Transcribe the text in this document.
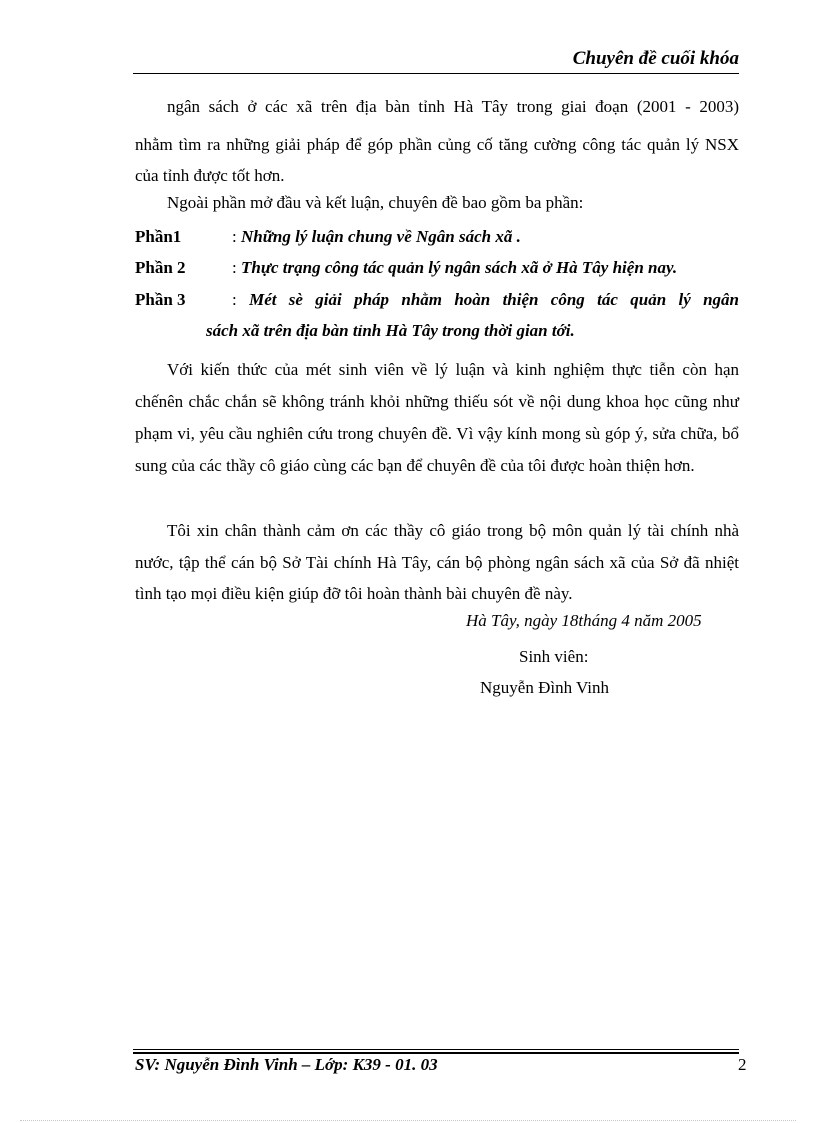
Chuyên đề cuối khóa
ngân sách ở các xã trên địa bàn tỉnh Hà Tây trong giai đoạn (2001 - 2003)
nhằm tìm ra những giải pháp để góp phần củng cố tăng cường công tác quản lý NSX của tỉnh được tốt hơn.
Ngoài phần mở đầu và kết luận, chuyên đề bao gồm ba phần:
Phần1	: Những lý luận chung về Ngân sách xã .
Phần 2	: Thực trạng công tác quản lý ngân sách xã ở Hà Tây hiện nay.
Phần 3	: Mét sè giải pháp nhằm hoàn thiện công tác quản lý ngân
sách xã trên địa bàn tỉnh Hà Tây trong thời gian tới.
Với kiến thức của mét sinh viên về lý luận và kinh nghiệm thực tiễn còn hạn chếnên chắc chắn sẽ không tránh khỏi những thiếu sót về nội dung khoa học cũng như phạm vi, yêu cầu nghiên cứu trong chuyên đề. Vì vậy kính mong sù góp ý, sửa chữa, bổ sung của các thầy cô giáo cùng các bạn để chuyên đề của tôi được hoàn thiện hơn.
Tôi xin chân thành cảm ơn các thầy cô giáo trong bộ môn quản lý tài chính nhà nước, tập thể cán bộ Sở Tài chính Hà Tây, cán bộ phòng ngân sách xã của Sở đã nhiệt tình tạo mọi điều kiện giúp đỡ tôi hoàn thành bài chuyên đề này.
Hà Tây, ngày 18tháng 4 năm 2005
Sinh viên:
Nguyễn Đình Vinh
SV: Nguyễn Đình Vinh – Lớp: K39 - 01. 03	2
